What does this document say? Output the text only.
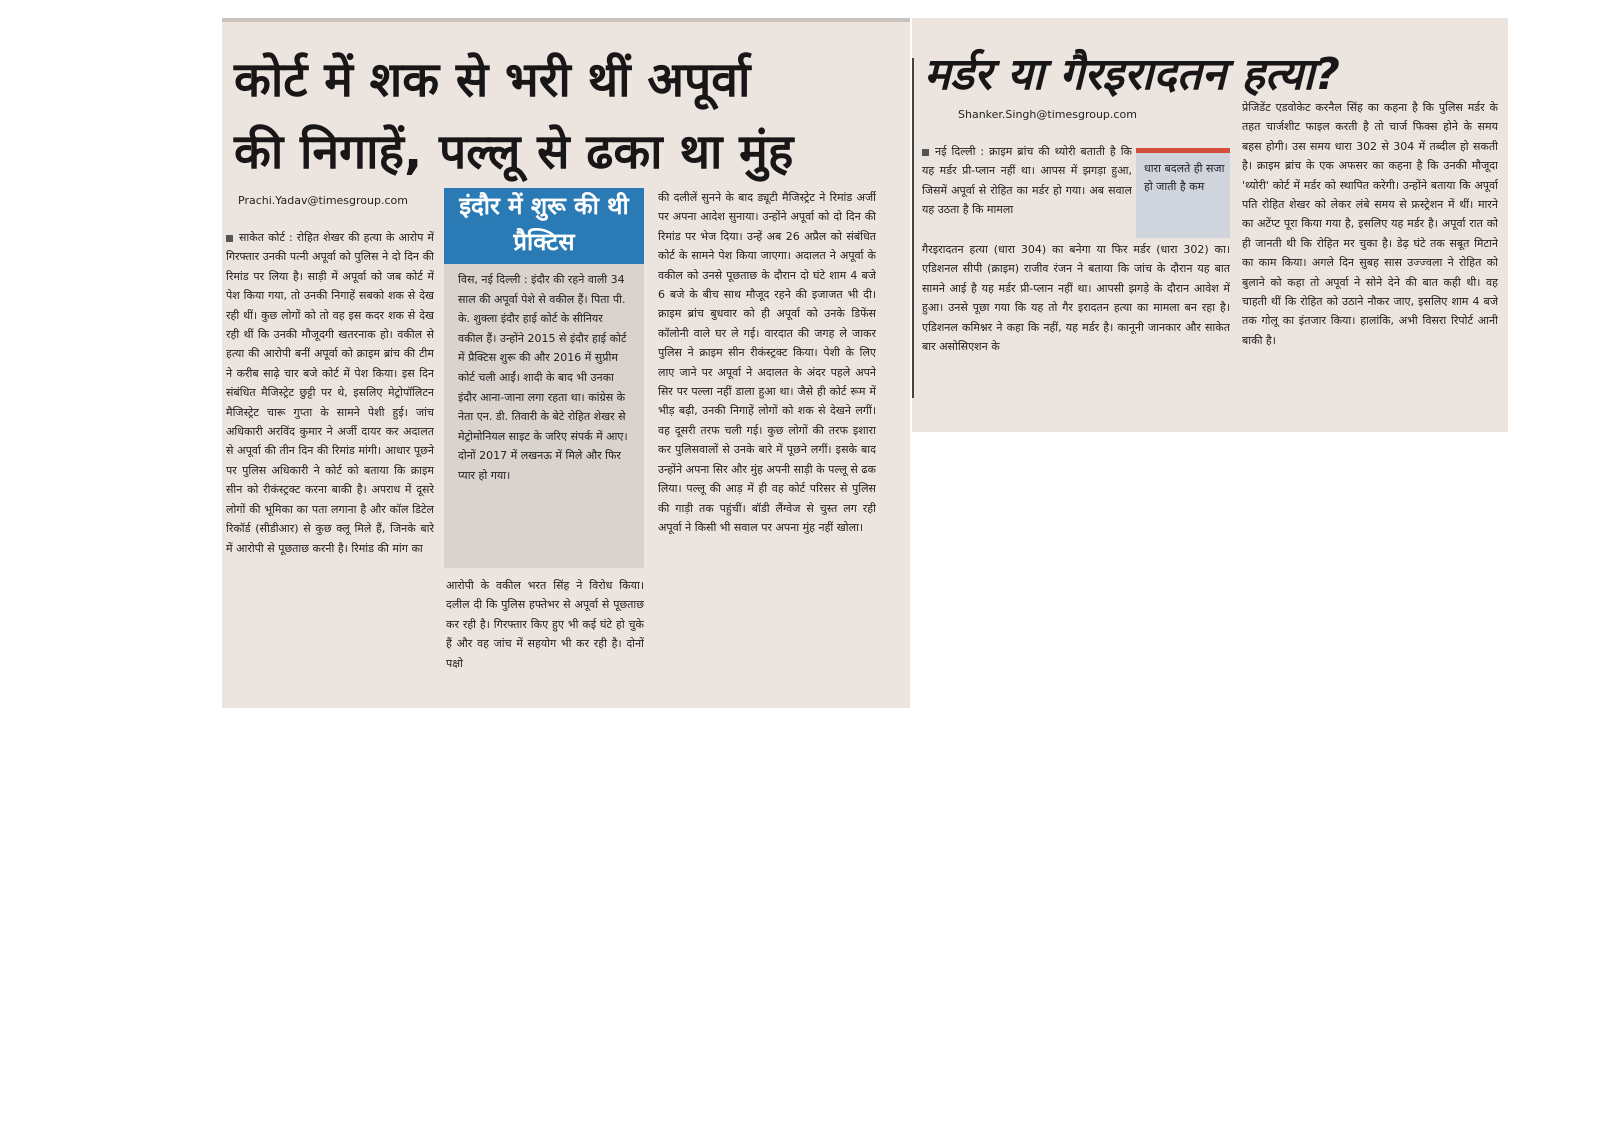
कोर्ट में शक से भरी थीं अपूर्वा
की निगाहें, पल्लू से ढका था मुंह
Prachi.Yadav@timesgroup.com
साकेत कोर्ट : रोहित शेखर की हत्या के आरोप में गिरफ्तार उनकी पत्नी अपूर्वा को पुलिस ने दो दिन की रिमांड पर लिया है। साड़ी में अपूर्वा को जब कोर्ट में पेश किया गया, तो उनकी निगाहें सबको शक से देख रही थीं। कुछ लोगों को तो वह इस कदर शक से देख रही थीं कि उनकी मौजूदगी खतरनाक हो। वकील से हत्या की आरोपी बनीं अपूर्वा को क्राइम ब्रांच की टीम ने करीब साढ़े चार बजे कोर्ट में पेश किया। इस दिन संबंधित मैजिस्ट्रेट छुट्टी पर थे, इसलिए मेट्रोपॉलिटन मैजिस्ट्रेट चारू गुप्ता के सामने पेशी हुई। जांच अधिकारी अरविंद कुमार ने अर्जी दायर कर अदालत से अपूर्वा की तीन दिन की रिमांड मांगी। आधार पूछने पर पुलिस अधिकारी ने कोर्ट को बताया कि क्राइम सीन को रीकंस्ट्रक्ट करना बाकी है। अपराध में दूसरे लोगों की भूमिका का पता लगाना है और कॉल डिटेल रिकॉर्ड (सीडीआर) से कुछ क्लू मिले हैं, जिनके बारे में आरोपी से पूछताछ करनी है। रिमांड की मांग का
इंदौर में शुरू की थी प्रैक्टिस
विस, नई दिल्ली : इंदौर की रहने वाली 34 साल की अपूर्वा पेशे से वकील हैं। पिता पी. के. शुक्ला इंदौर हाई कोर्ट के सीनियर वकील हैं। उन्होंने 2015 से इंदौर हाई कोर्ट में प्रैक्टिस शुरू की और 2016 में सुप्रीम कोर्ट चली आईं। शादी के बाद भी उनका इंदौर आना-जाना लगा रहता था। कांग्रेस के नेता एन. डी. तिवारी के बेटे रोहित शेखर से मेट्रोमोनियल साइट के जरिए संपर्क में आए। दोनों 2017 में लखनऊ में मिले और फिर प्यार हो गया।
आरोपी के वकील भरत सिंह ने विरोध किया। दलील दी कि पुलिस हफ्तेभर से अपूर्वा से पूछताछ कर रही है। गिरफ्तार किए हुए भी कई घंटे हो चुके हैं और वह जांच में सहयोग भी कर रही है। दोनों पक्षो
की दलीलें सुनने के बाद ड्यूटी मैजिस्ट्रेट ने रिमांड अर्जी पर अपना आदेश सुनाया। उन्होंने अपूर्वा को दो दिन की रिमांड पर भेज दिया। उन्हें अब 26 अप्रैल को संबंधित कोर्ट के सामने पेश किया जाएगा। अदालत ने अपूर्वा के वकील को उनसे पूछताछ के दौरान दो घंटे शाम 4 बजे 6 बजे के बीच साथ मौजूद रहने की इजाजत भी दी। क्राइम ब्रांच बुधवार को ही अपूर्वा को उनके डिफेंस कॉलोनी वाले घर ले गई। वारदात की जगह ले जाकर पुलिस ने क्राइम सीन रीकंस्ट्रक्ट किया। पेशी के लिए लाए जाने पर अपूर्वा ने अदालत के अंदर पहले अपने सिर पर पल्ला नहीं डाला हुआ था। जैसे ही कोर्ट रूम में भीड़ बढ़ी, उनकी निगाहें लोगों को शक से देखने लगीं। वह दूसरी तरफ चली गई। कुछ लोगों की तरफ इशारा कर पुलिसवालों से उनके बारे में पूछने लगीं। इसके बाद उन्होंने अपना सिर और मुंह अपनी साड़ी के पल्लू से ढक लिया। पल्लू की आड़ में ही वह कोर्ट परिसर से पुलिस की गाड़ी तक पहुंचीं। बॉडी लैंग्वेज से चुस्त लग रही अपूर्वा ने किसी भी सवाल पर अपना मुंह नहीं खोला।
मर्डर या गैरइरादतन हत्या?
Shanker.Singh@timesgroup.com
नई दिल्ली : क्राइम ब्रांच की थ्योरी बताती है कि यह मर्डर प्री-प्लान नहीं था। आपस में झगड़ा हुआ, जिसमें अपूर्वा से रोहित का मर्डर हो गया। अब सवाल यह उठता है कि मामला
धारा बदलते ही सजा हो जाती है कम
गैरइरादतन हत्या (धारा 304) का बनेगा या फिर मर्डर (धारा 302) का। एडिशनल सीपी (क्राइम) राजीव रंजन ने बताया कि जांच के दौरान यह बात सामने आई है यह मर्डर प्री-प्लान नहीं था। आपसी झगड़े के दौरान आवेश में हुआ। उनसे पूछा गया कि यह तो गैर इरादतन हत्या का मामला बन रहा है। एडिशनल कमिश्नर ने कहा कि नहीं, यह मर्डर है। कानूनी जानकार और साकेत बार असोसिएशन के
प्रेजिडेंट एडवोकेट करनैल सिंह का कहना है कि पुलिस मर्डर के तहत चार्जशीट फाइल करती है तो चार्ज फिक्स होने के समय बहस होगी। उस समय धारा 302 से 304 में तब्दील हो सकती है। क्राइम ब्रांच के एक अफसर का कहना है कि उनकी मौजूदा 'थ्योरी' कोर्ट में मर्डर को स्थापित करेगी। उन्होंने बताया कि अपूर्वा पति रोहित शेखर को लेकर लंबे समय से फ्रस्ट्रेशन में थीं। मारने का अटेंप्ट पूरा किया गया है, इसलिए यह मर्डर है। अपूर्वा रात को ही जानती थी कि रोहित मर चुका है। डेढ़ घंटे तक सबूत मिटाने का काम किया। अगले दिन सुबह सास उज्ज्वला ने रोहित को बुलाने को कहा तो अपूर्वा ने सोने देने की बात कही थी। वह चाहती थीं कि रोहित को उठाने नौकर जाए, इसलिए शाम 4 बजे तक गोलू का इंतजार किया। हालांकि, अभी विसरा रिपोर्ट आनी बाकी है।
